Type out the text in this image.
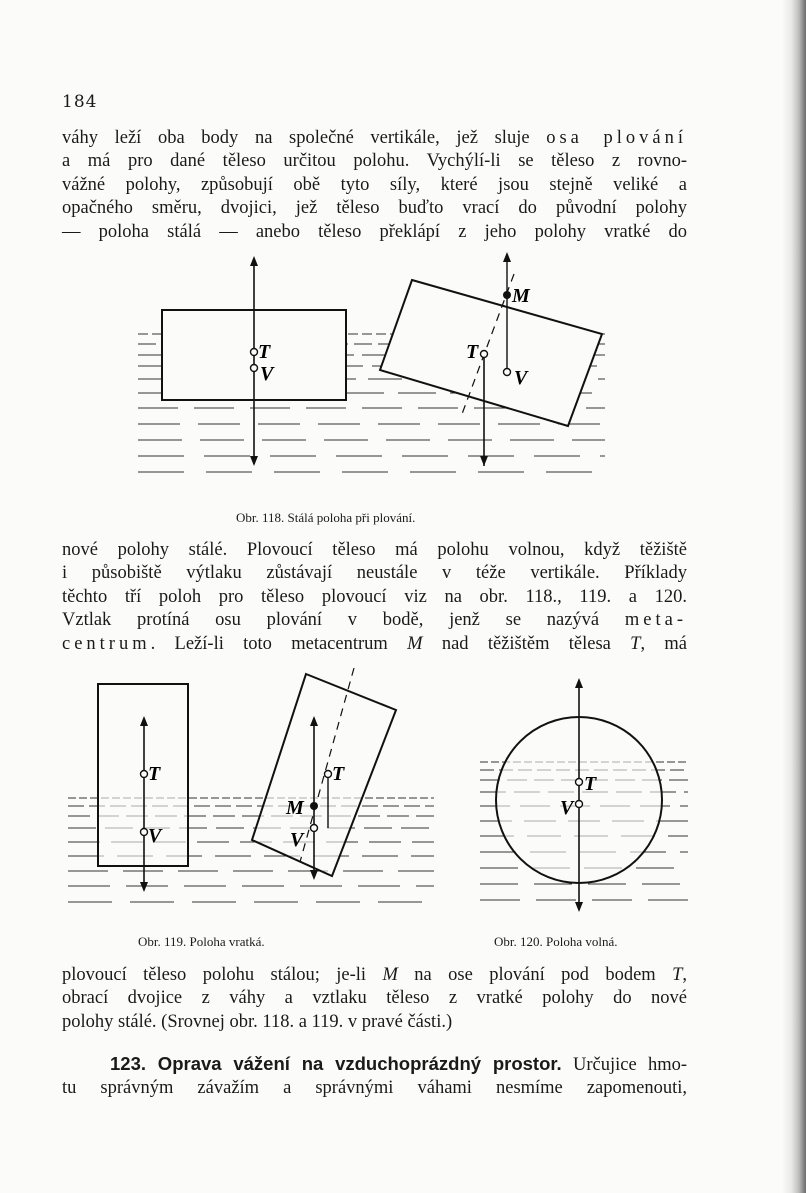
184
váhy leží oba body na společné vertikále, jež sluje osa plování
a má pro dané těleso určitou polohu. Vychýlí-li se těleso z rovno-
vážné polohy, způsobují obě tyto síly, které jsou stejně veliké a
opačného směru, dvojici, jež těleso buďto vrací do původní polohy
— poloha stálá — anebo těleso překlápí z jeho polohy vratké do
T
V
M
T
V
Obr. 118. Stálá poloha při plování.
nové polohy stálé. Plovoucí těleso má polohu volnou, když těžiště
i působiště výtlaku zůstávají neustále v téže vertikále. Příklady
těchto tří poloh pro těleso plovoucí viz na obr. 118., 119. a 120.
Vztlak protíná osu plování v bodě, jenž se nazývá meta-
centrum. Leží-li toto metacentrum M nad těžištěm tělesa T, má
T
V
T
M
V
Obr. 119. Poloha vratká.
T
V
Obr. 120. Poloha volná.
plovoucí těleso polohu stálou; je-li M na ose plování pod bodem T,
obrací dvojice z váhy a vztlaku těleso z vratké polohy do nové
polohy stálé. (Srovnej obr. 118. a 119. v pravé části.)
123. Oprava vážení na vzduchoprázdný prostor. Určujice hmo-
tu správným závažím a správnými váhami nesmíme zapomenouti,
